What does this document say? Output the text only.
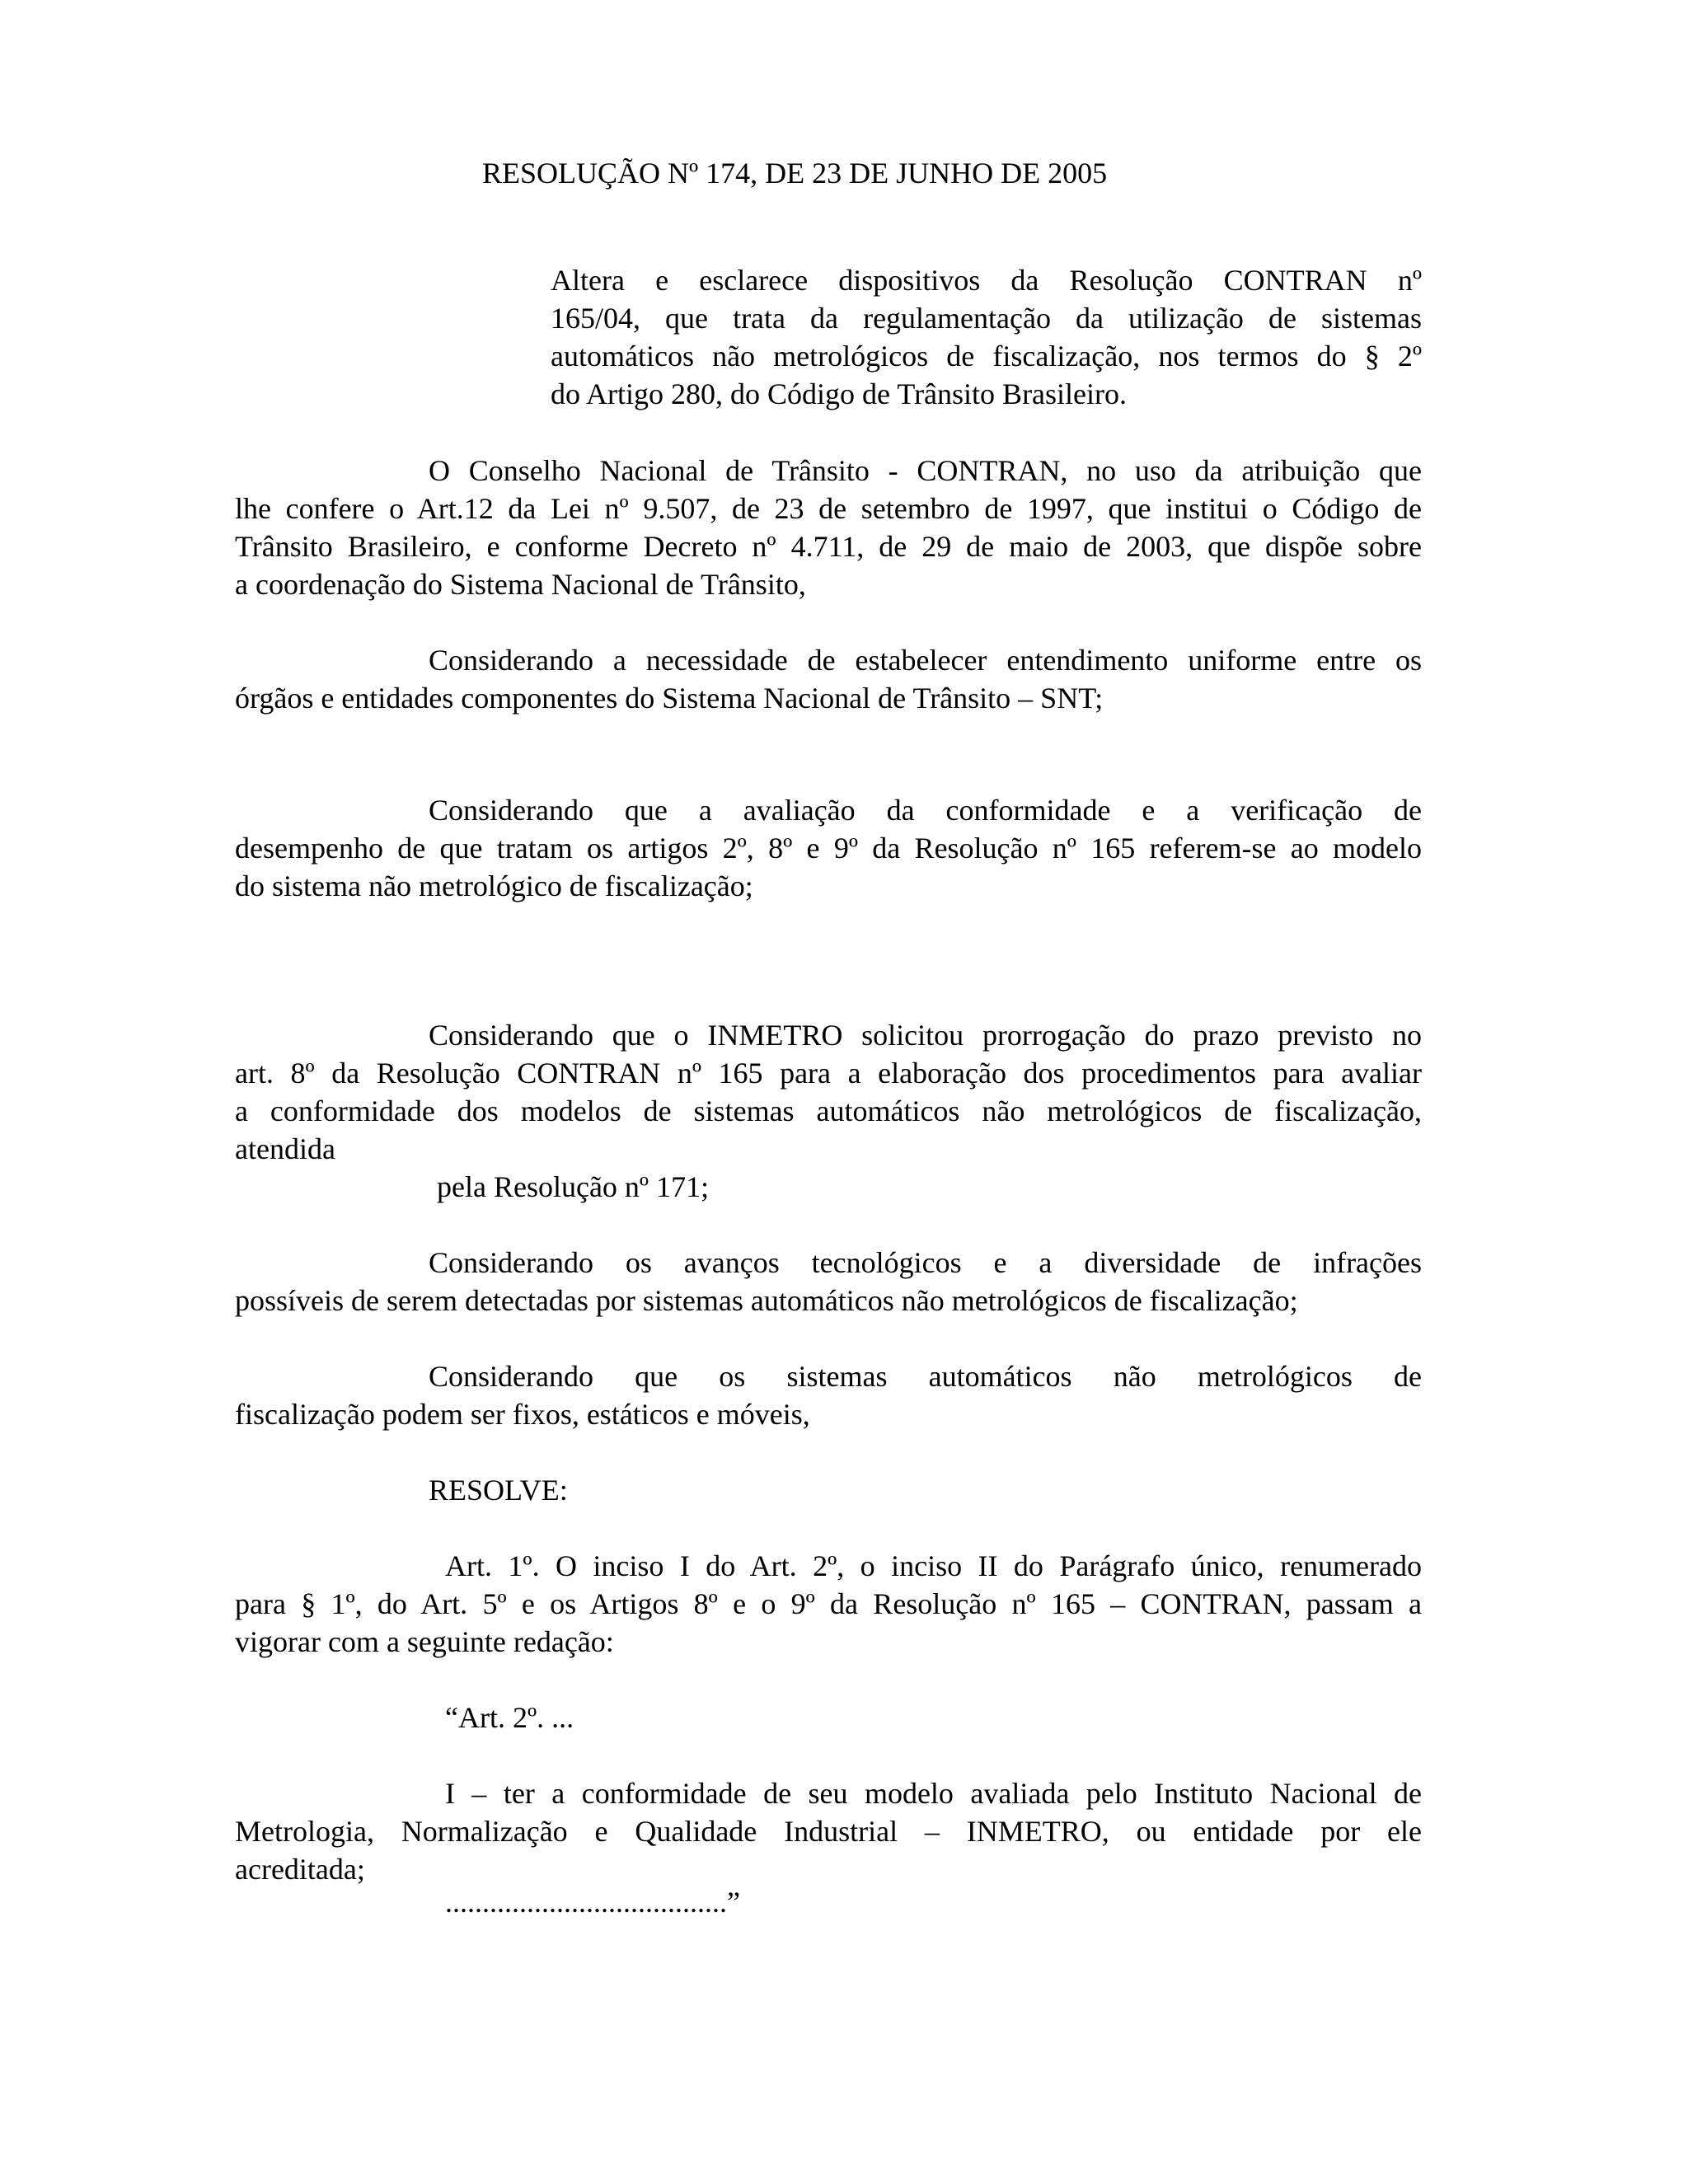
RESOLUÇÃO Nº 174, DE 23 DE JUNHO DE 2005

Altera e esclarece dispositivos da Resolução CONTRAN nº

165/04, que trata da regulamentação da utilização de sistemas

automáticos não metrológicos de fiscalização, nos termos do § 2º

do Artigo 280, do Código de Trânsito Brasileiro.

O Conselho Nacional de Trânsito - CONTRAN, no uso da atribuição que

lhe confere o Art.12 da Lei nº 9.507, de 23 de setembro de 1997, que institui o Código de

Trânsito Brasileiro, e conforme Decreto nº 4.711, de 29 de maio de 2003, que dispõe sobre

a coordenação do Sistema Nacional de Trânsito,

Considerando a necessidade de estabelecer entendimento uniforme entre os

órgãos e entidades componentes do Sistema Nacional de Trânsito – SNT;

Considerando que a avaliação da conformidade e a verificação de

desempenho de que tratam os artigos 2º, 8º e 9º da Resolução nº 165 referem-se ao modelo

do sistema não metrológico de fiscalização;

Considerando que o INMETRO solicitou prorrogação do prazo previsto no

art. 8º da Resolução CONTRAN nº 165 para a elaboração dos procedimentos para avaliar

a conformidade dos modelos de sistemas automáticos não metrológicos de fiscalização,

atendida

pela Resolução nº 171;

Considerando os avanços tecnológicos e a diversidade de infrações

possíveis de serem detectadas por sistemas automáticos não metrológicos de fiscalização;

Considerando que os sistemas automáticos não metrológicos de

fiscalização podem ser fixos, estáticos e móveis,

RESOLVE:

Art. 1º. O inciso I do Art. 2º, o inciso II do Parágrafo único, renumerado

para § 1º, do Art. 5º e os Artigos 8º e o 9º da Resolução nº 165 – CONTRAN, passam a

vigorar com a seguinte redação:

“Art. 2º. ...

I – ter a conformidade de seu modelo avaliada pelo Instituto Nacional de

Metrologia, Normalização e Qualidade Industrial – INMETRO, ou entidade por ele

acreditada;

......................................”
